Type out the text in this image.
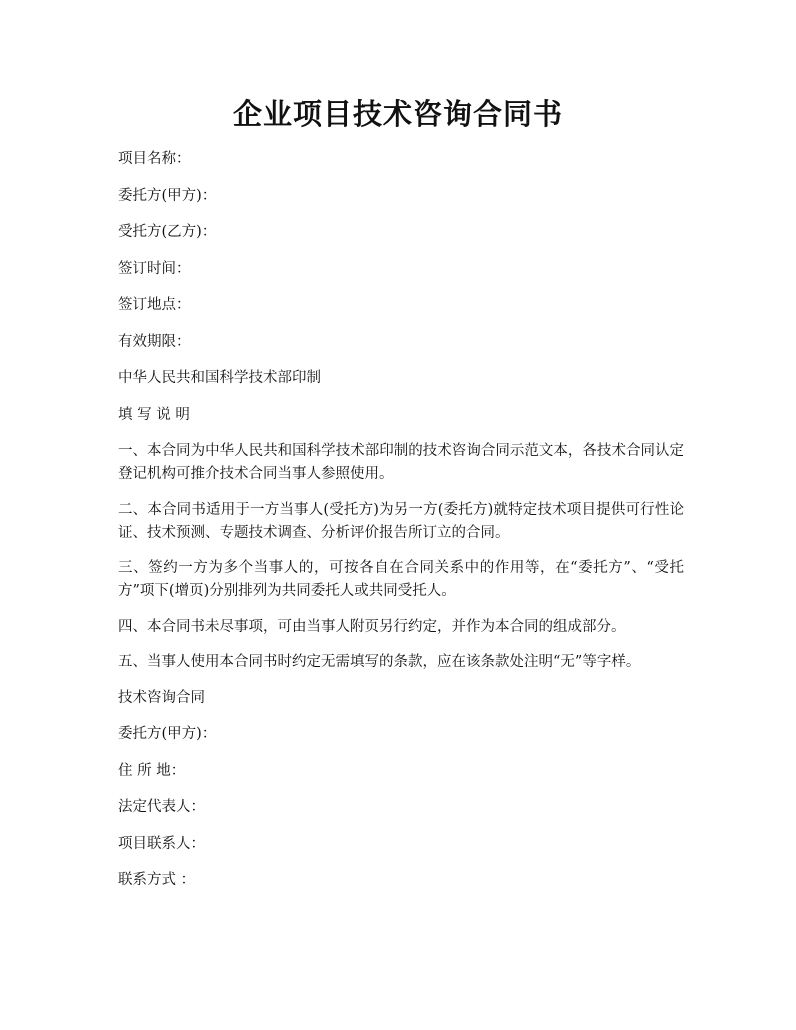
企业项目技术咨询合同书
项目名称：
委托方(甲方)：
受托方(乙方)：
签订时间：
签订地点：
有效期限：
中华人民共和国科学技术部印制
填 写 说 明
一、本合同为中华人民共和国科学技术部印制的技术咨询合同示范文本，各技术合同认定登记机构可推介技术合同当事人参照使用。
二、本合同书适用于一方当事人(受托方)为另一方(委托方)就特定技术项目提供可行性论证、技术预测、专题技术调查、分析评价报告所订立的合同。
三、签约一方为多个当事人的，可按各自在合同关系中的作用等，在“委托方”、“受托方”项下(增页)分别排列为共同委托人或共同受托人。
四、本合同书未尽事项，可由当事人附页另行约定，并作为本合同的组成部分。
五、当事人使用本合同书时约定无需填写的条款，应在该条款处注明“无”等字样。
技术咨询合同
委托方(甲方)：
住 所 地：
法定代表人：
项目联系人：
联系方式 ：
